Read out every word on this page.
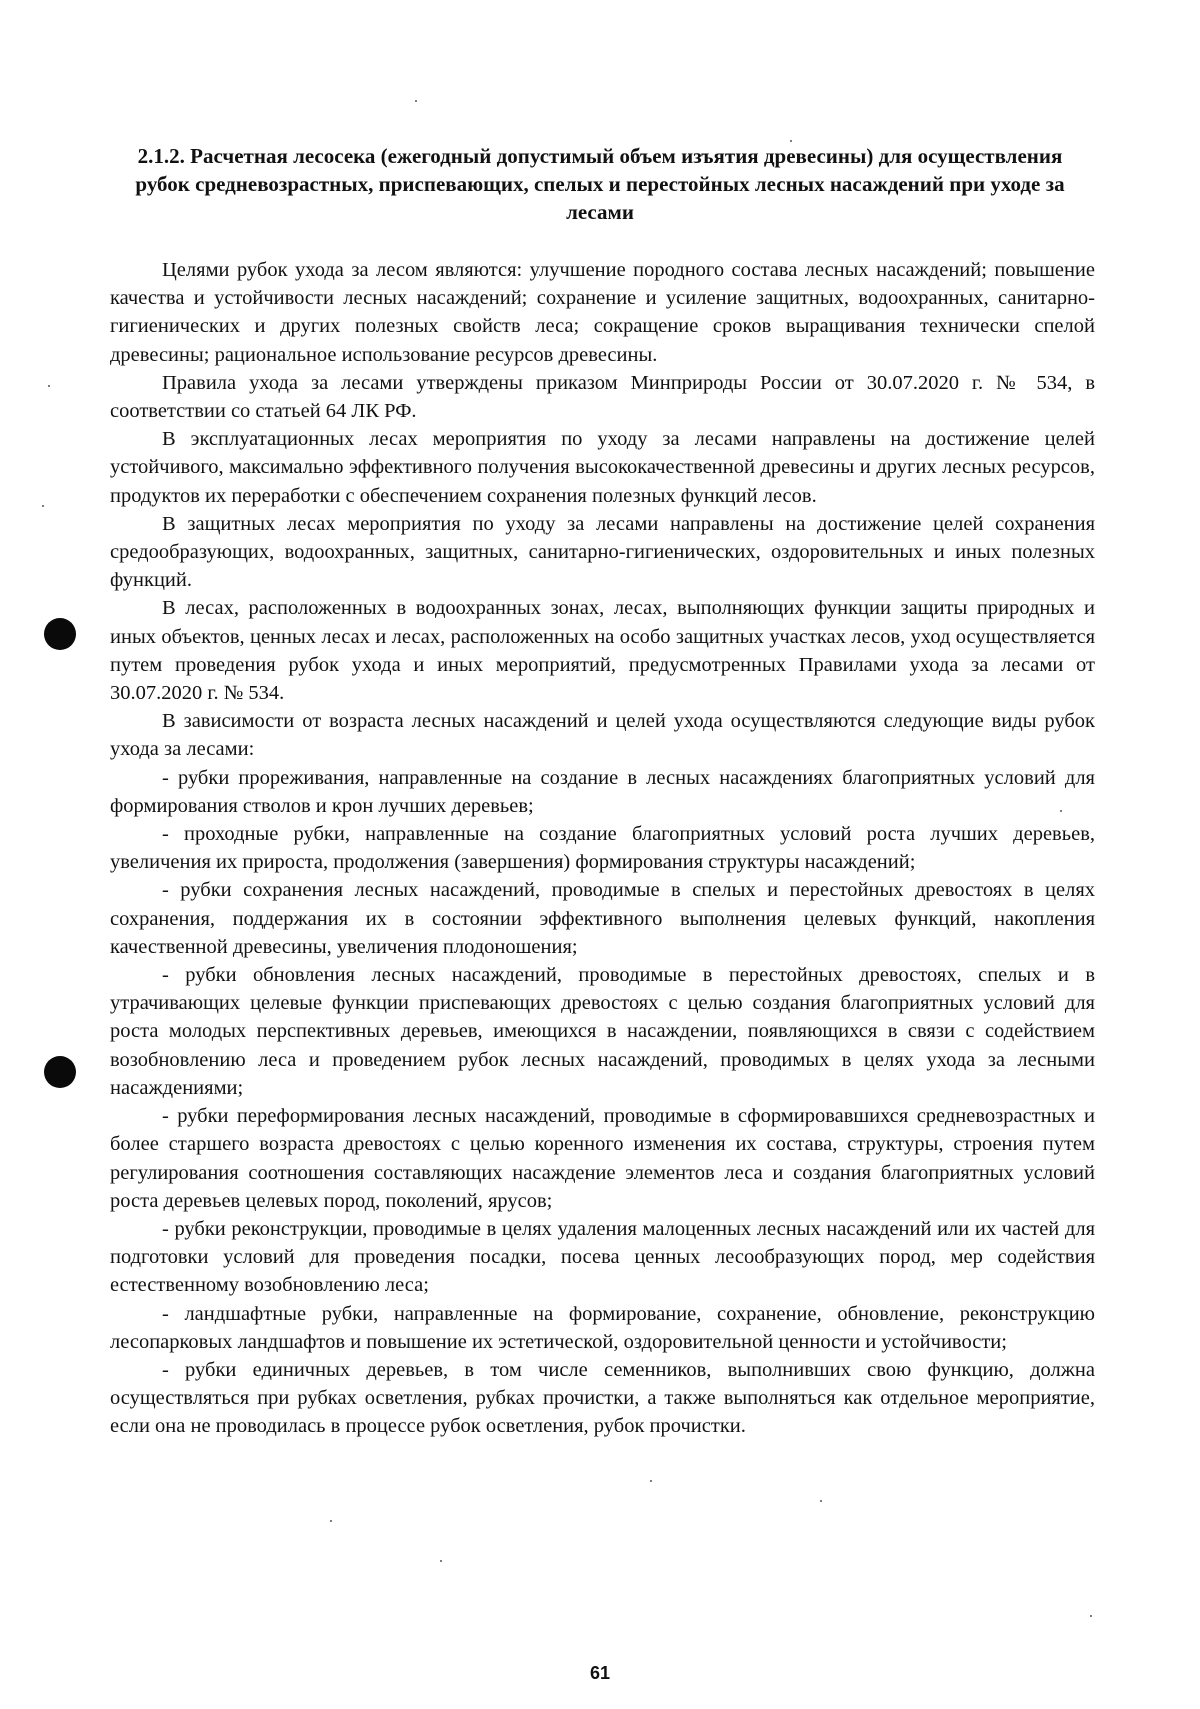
2.1.2. Расчетная лесосека (ежегодный допустимый объем изъятия древесины) для осуществления рубок средневозрастных, приспевающих, спелых и перестойных лесных насаждений при уходе за лесами

Целями рубок ухода за лесом являются: улучшение породного состава лесных насаждений; повышение качества и устойчивости лесных насаждений; сохранение и усиление защитных, водоохранных, санитарно-гигиенических и других полезных свойств леса; сокращение сроков выращивания технически спелой древесины; рациональное использование ресурсов древесины.

Правила ухода за лесами утверждены приказом Минприроды России от 30.07.2020 г. № 534, в соответствии со статьей 64 ЛК РФ.

В эксплуатационных лесах мероприятия по уходу за лесами направлены на достижение целей устойчивого, максимально эффективного получения высококачественной древесины и других лесных ресурсов, продуктов их переработки с обеспечением сохранения полезных функций лесов.

В защитных лесах мероприятия по уходу за лесами направлены на достижение целей сохранения средообразующих, водоохранных, защитных, санитарно-гигиенических, оздоровительных и иных полезных функций.

В лесах, расположенных в водоохранных зонах, лесах, выполняющих функции защиты природных и иных объектов, ценных лесах и лесах, расположенных на особо защитных участках лесов, уход осуществляется путем проведения рубок ухода и иных мероприятий, предусмотренных Правилами ухода за лесами от 30.07.2020 г. № 534.

В зависимости от возраста лесных насаждений и целей ухода осуществляются следующие виды рубок ухода за лесами:

- рубки прореживания, направленные на создание в лесных насаждениях благоприятных условий для формирования стволов и крон лучших деревьев;

- проходные рубки, направленные на создание благоприятных условий роста лучших деревьев, увеличения их прироста, продолжения (завершения) формирования структуры насаждений;

- рубки сохранения лесных насаждений, проводимые в спелых и перестойных древостоях в целях сохранения, поддержания их в состоянии эффективного выполнения целевых функций, накопления качественной древесины, увеличения плодоношения;

- рубки обновления лесных насаждений, проводимые в перестойных древостоях, спелых и в утрачивающих целевые функции приспевающих древостоях с целью создания благоприятных условий для роста молодых перспективных деревьев, имеющихся в насаждении, появляющихся в связи с содействием возобновлению леса и проведением рубок лесных насаждений, проводимых в целях ухода за лесными насаждениями;

- рубки переформирования лесных насаждений, проводимые в сформировавшихся средневозрастных и более старшего возраста древостоях с целью коренного изменения их состава, структуры, строения путем регулирования соотношения составляющих насаждение элементов леса и создания благоприятных условий роста деревьев целевых пород, поколений, ярусов;

- рубки реконструкции, проводимые в целях удаления малоценных лесных насаждений или их частей для подготовки условий для проведения посадки, посева ценных лесообразующих пород, мер содействия естественному возобновлению леса;

- ландшафтные рубки, направленные на формирование, сохранение, обновление, реконструкцию лесопарковых ландшафтов и повышение их эстетической, оздоровительной ценности и устойчивости;

- рубки единичных деревьев, в том числе семенников, выполнивших свою функцию, должна осуществляться при рубках осветления, рубках прочистки, а также выполняться как отдельное мероприятие, если она не проводилась в процессе рубок осветления, рубок прочистки.

61
